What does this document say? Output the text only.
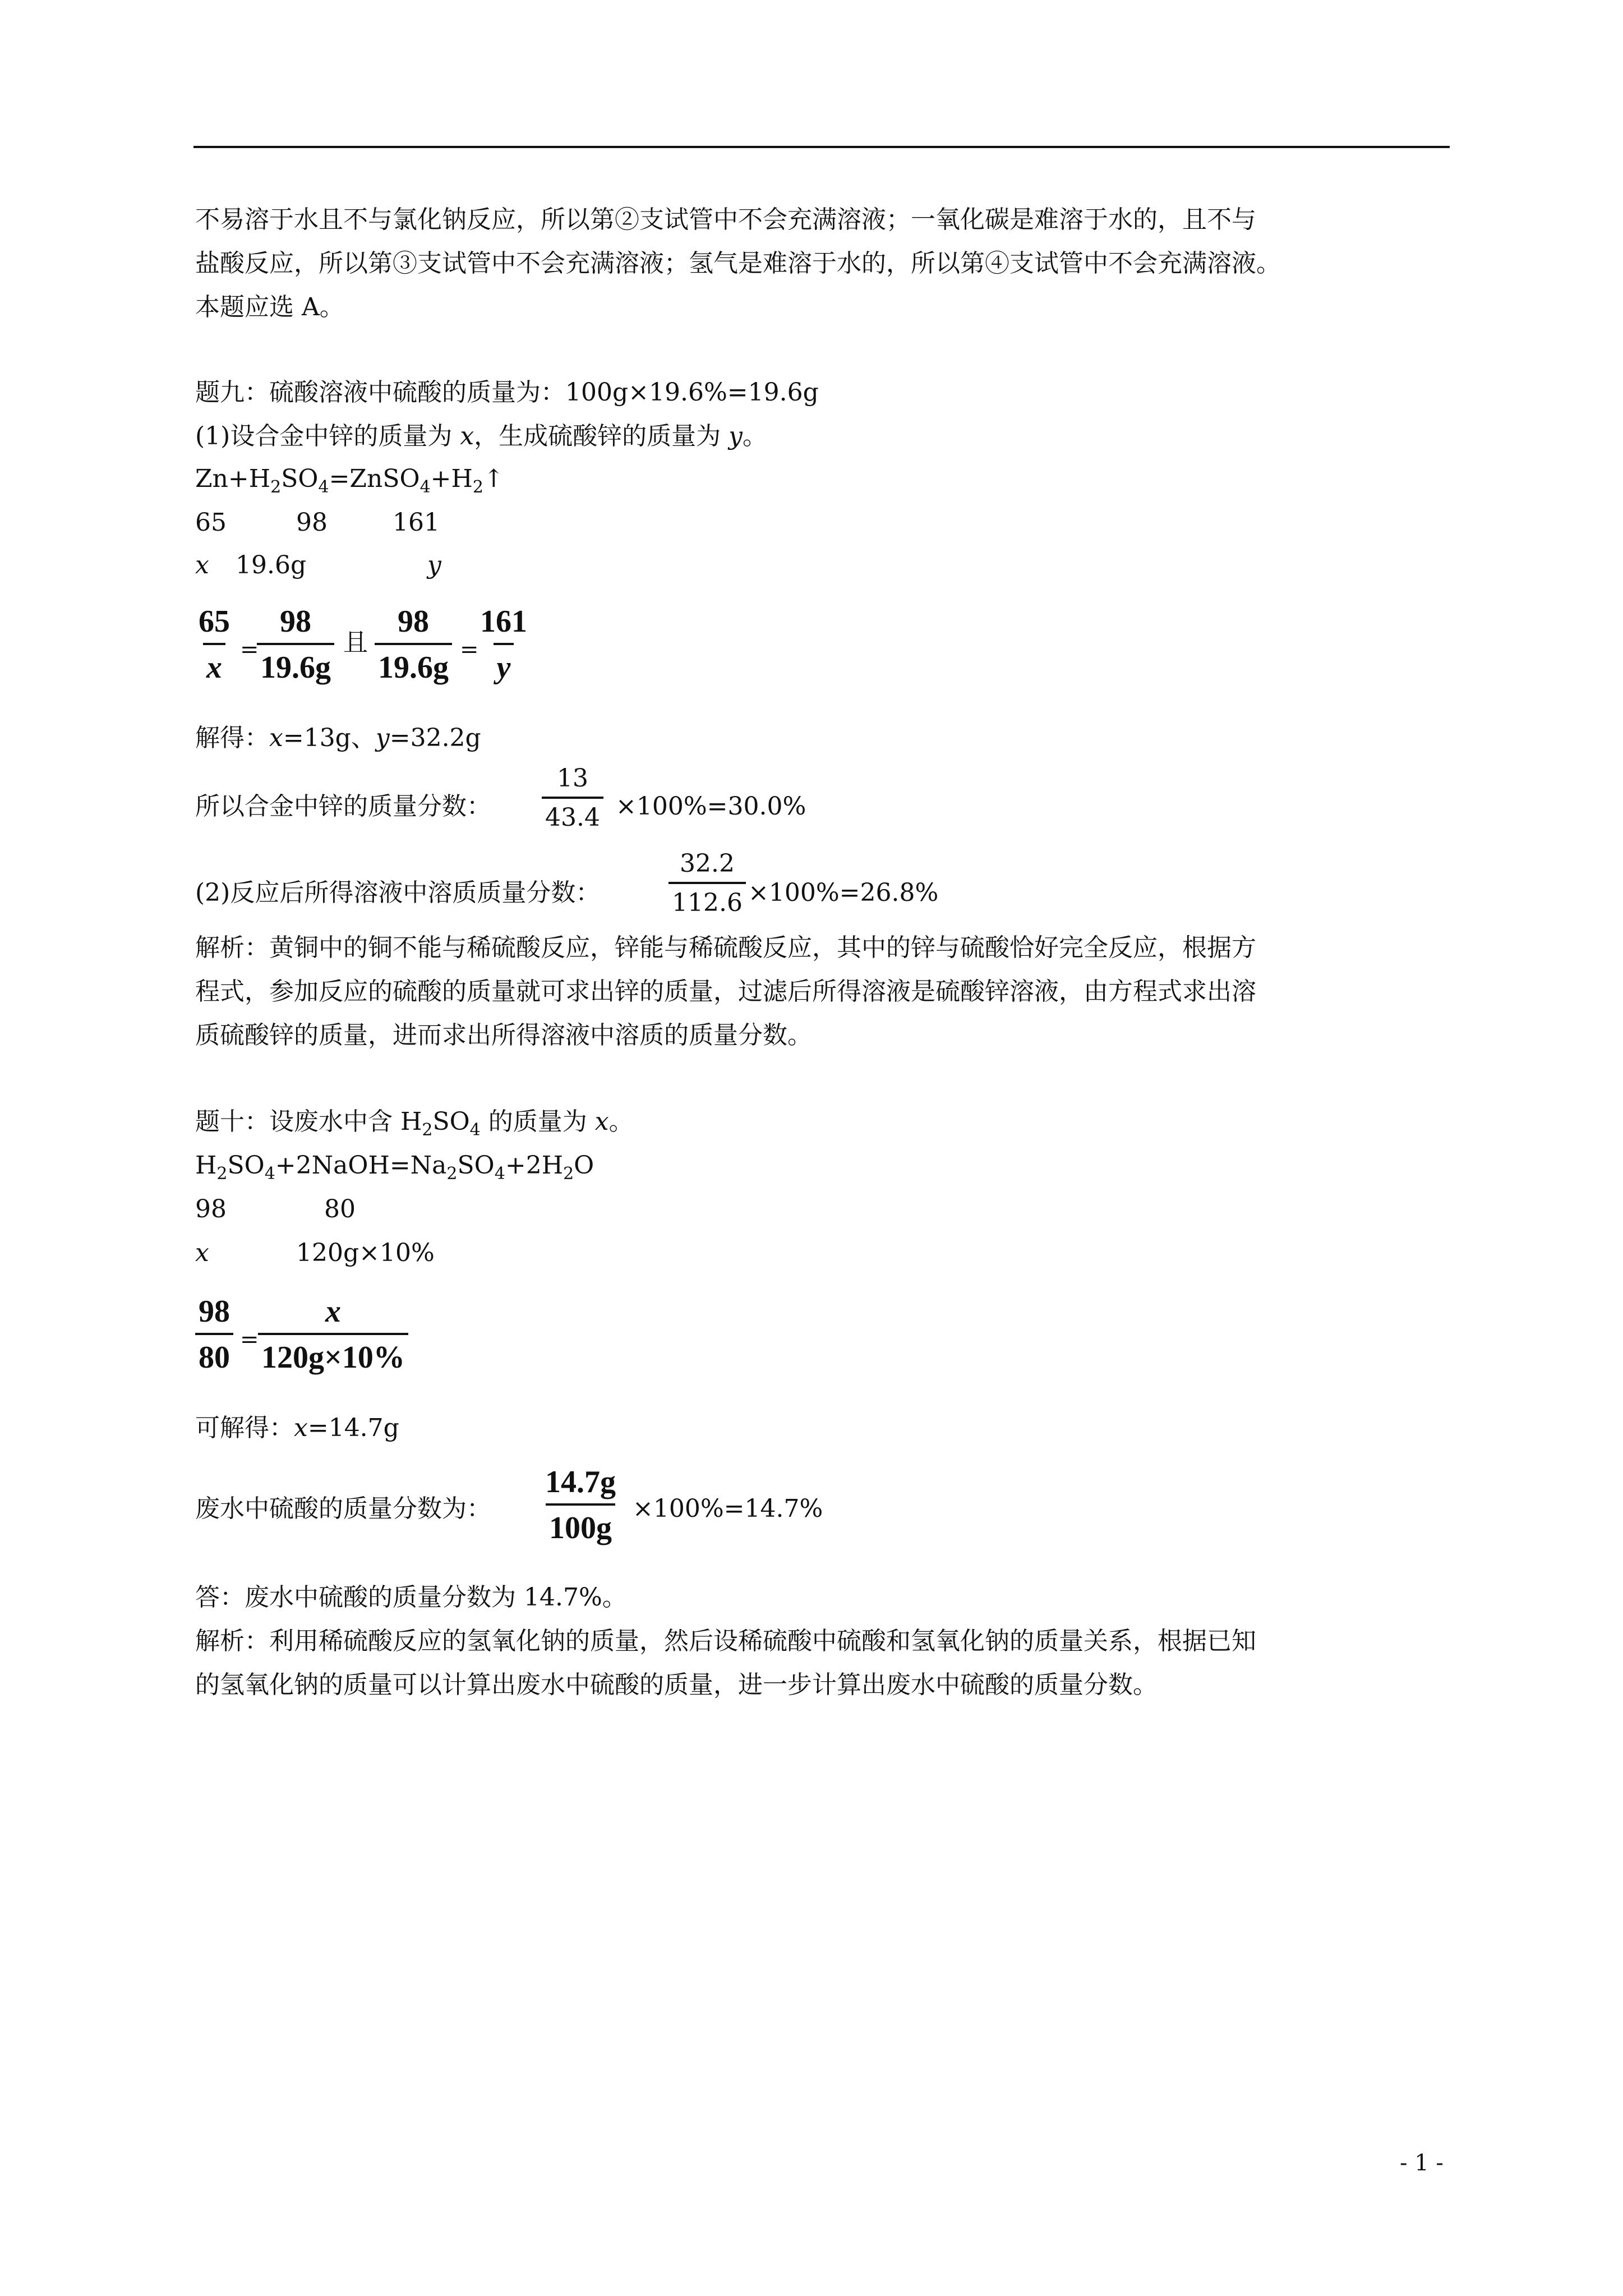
不易溶于水且不与氯化钠反应，所以第②支试管中不会充满溶液；一氧化碳是难溶于水的，且不与
盐酸反应，所以第③支试管中不会充满溶液；氢气是难溶于水的，所以第④支试管中不会充满溶液。
本题应选 A。
题九：硫酸溶液中硫酸的质量为：100g×19.6%=19.6g
(1)设合金中锌的质量为 x，生成硫酸锌的质量为 y。
$Zn+H_2SO_4=ZnSO_4+H_2↑$
65	98	161
x 19.6g	y
$\frac{65}{x}$ =
$\frac{98}{19.6g}$ 且 $\frac{98}{19.6g}$ =
$\frac{161}{y}$
解得：x=13g、y=32.2g
所以合金中锌的质量分数： $\frac{13}{43.4} \times 100\%=30.0\%$
(2)反应后所得溶液中溶质质量分数：	$\frac{32.2}{112.6} \times 100\%=26.8\%$
解析：黄铜中的铜不能与稀硫酸反应，锌能与稀硫酸反应，其中的锌与硫酸恰好完全反应，根据方
程式，参加反应的硫酸的质量就可求出锌的质量，过滤后所得溶液是硫酸锌溶液，由方程式求出溶
质硫酸锌的质量，进而求出所得溶液中溶质的质量分数。
题十：设废水中含 $H_2SO_4$ 的质量为 x。
$H_2SO_4+2NaOH=Na_2SO_4+2H_2O$
98	80
x	120g×10%
$\frac{98}{80}$ =
$\frac{x}{120g\times 10\%}$
可解得：x=14.7g
废水中硫酸的质量分数为： $\frac{14.7g}{100g} \times 100\%=14.7\%$
答：废水中硫酸的质量分数为 14.7%。
解析：利用稀硫酸反应的氢氧化钠的质量，然后设稀硫酸中硫酸和氢氧化钠的质量关系，根据已知
的氢氧化钠的质量可以计算出废水中硫酸的质量，进一步计算出废水中硫酸的质量分数。
- 1 -
